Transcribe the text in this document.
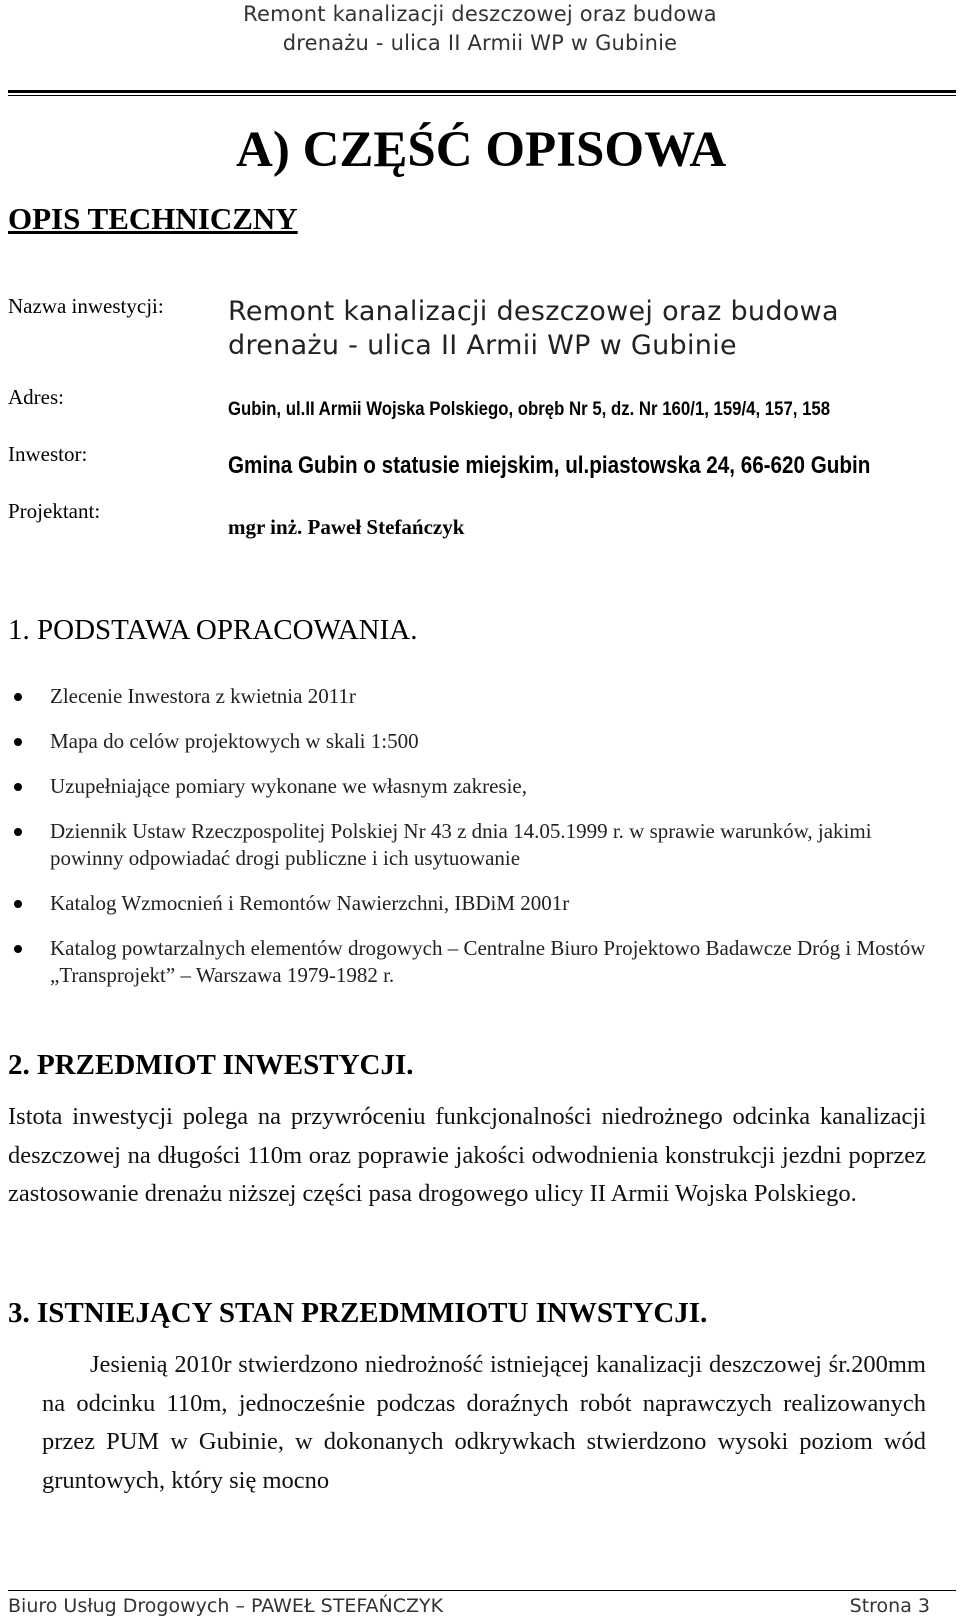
Remont kanalizacji deszczowej oraz budowa
drenażu - ulica II Armii WP w Gubinie
A) CZĘŚĆ OPISOWA
OPIS TECHNICZNY
Nazwa inwestycji: Remont kanalizacji deszczowej oraz budowa
drenażu - ulica II Armii WP w Gubinie
Adres:	Gubin, ul.II Armii Wojska Polskiego, obręb Nr 5, dz. Nr 160/1, 159/4, 157, 158
Inwestor:	Gmina Gubin o statusie miejskim, ul.piastowska 24, 66-620 Gubin
Projektant:
mgr inż. Paweł Stefańczyk
1. PODSTAWA OPRACOWANIA.
Zlecenie Inwestora z kwietnia 2011r
Mapa do celów projektowych w skali 1:500
Uzupełniające pomiary wykonane we własnym zakresie,
Dziennik Ustaw Rzeczpospolitej Polskiej Nr 43 z dnia 14.05.1999 r. w sprawie warunków, jakimi powinny odpowiadać drogi publiczne i ich usytuowanie
Katalog Wzmocnień i Remontów Nawierzchni, IBDiM 2001r
Katalog powtarzalnych elementów drogowych – Centralne Biuro Projektowo Badawcze Dróg i Mostów „Transprojekt” – Warszawa 1979-1982 r.
2. PRZEDMIOT INWESTYCJI.

Istota inwestycji polega na przywróceniu funkcjonalności niedrożnego odcinka kanalizacji deszczowej na długości 110m oraz poprawie jakości odwodnienia konstrukcji jezdni poprzez zastosowanie drenażu niższej części pasa drogowego ulicy II Armii Wojska Polskiego.

3. ISTNIEJĄCY STAN PRZEDMMIOTU INWSTYCJI.

Jesienią 2010r stwierdzono niedrożność istniejącej kanalizacji deszczowej śr.200mm na odcinku 110m, jednocześnie podczas doraźnych robót naprawczych realizowanych przez PUM w Gubinie, w dokonanych odkrywkach stwierdzono wysoki poziom wód gruntowych, który się mocno

Biuro Usług Drogowych – PAWEŁ STEFAŃCZYK	Strona 3
